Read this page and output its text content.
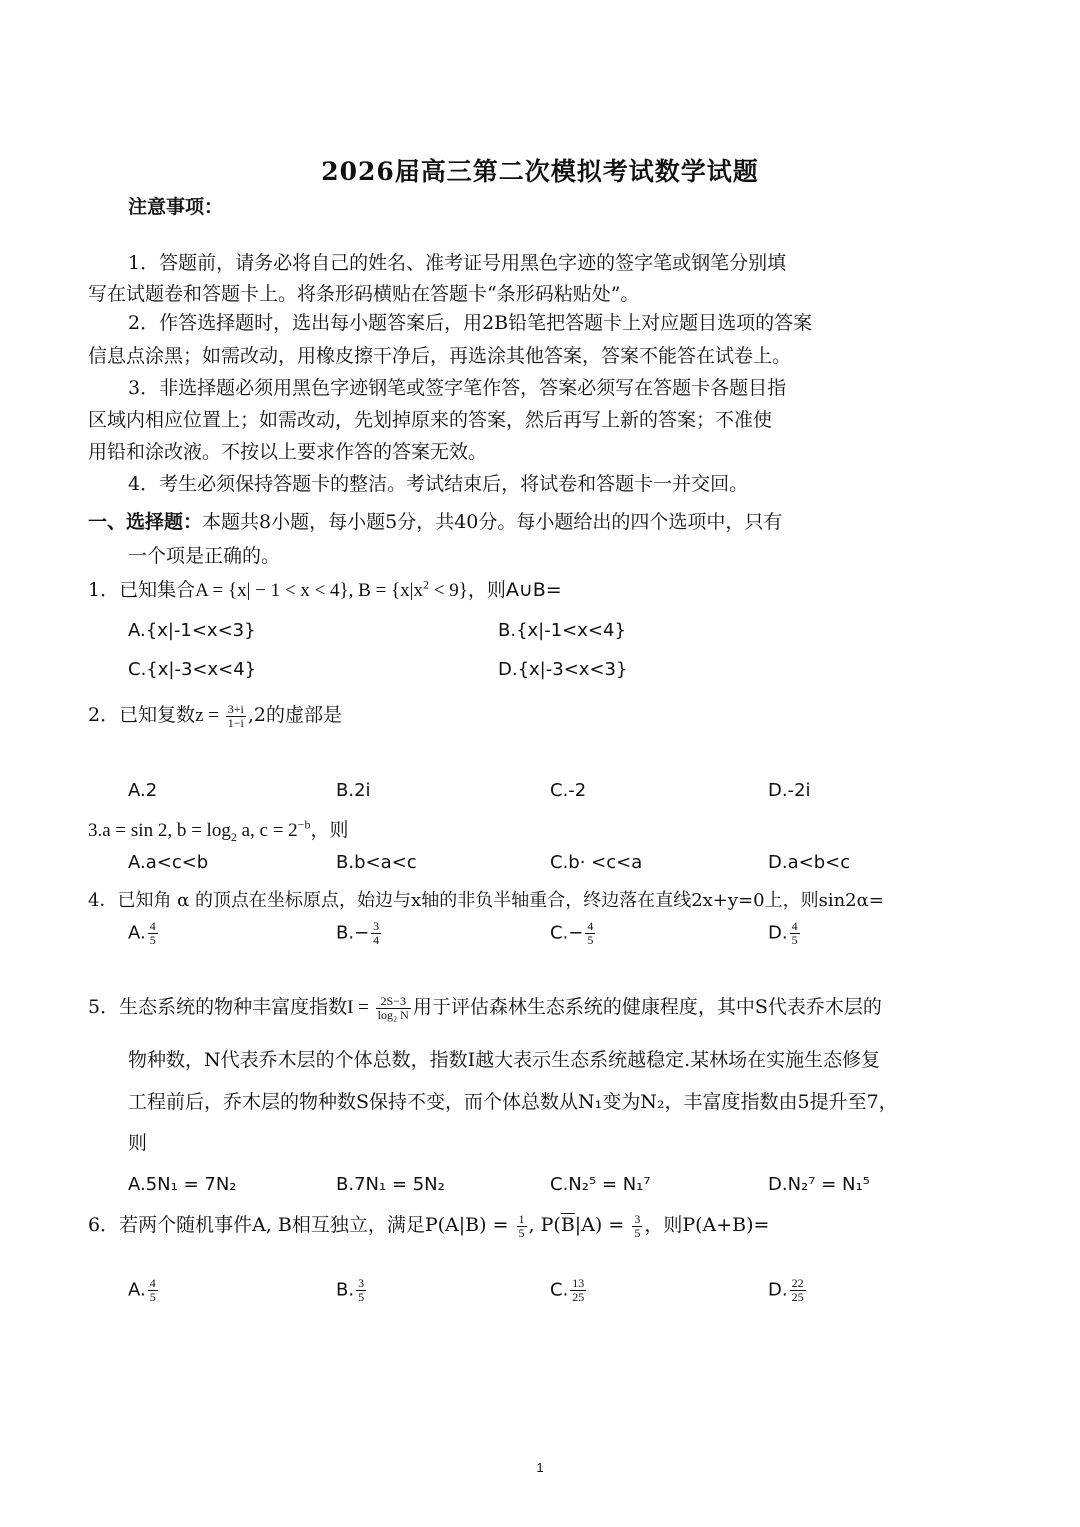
2026届高三第二次模拟考试数学试题
注意事项：
1．答题前，请务必将自己的姓名、准考证号用黑色字迹的签字笔或钢笔分别填
写在试题卷和答题卡上。将条形码横贴在答题卡“条形码粘贴处”。
2．作答选择题时，选出每小题答案后，用2B铅笔把答题卡上对应题目选项的答案
信息点涂黑；如需改动，用橡皮擦干净后，再选涂其他答案，答案不能答在试卷上。
3．非选择题必须用黑色字迹钢笔或签字笔作答，答案必须写在答题卡各题目指
区域内相应位置上；如需改动，先划掉原来的答案，然后再写上新的答案；不准使
用铅和涂改液。不按以上要求作答的答案无效。
4．考生必须保持答题卡的整洁。考试结束后，将试卷和答题卡一并交回。
一、选择题：本题共8小题，每小题5分，共40分。每小题给出的四个选项中，只有
一个项是正确的。
1．已知集合A = {x| − 1 < x < 4}, $B = \{x|x^2 < 9\}$，则A∪B=
A.{x|-1<x<3}	B.{x|-1<x<4}
C.{x|-3<x<4}	D.{x|-3<x<3}
2．已知复数$z = \frac{3+i}{1-i} ,2$的虚部是
A.2	B.2i	C.-2	D.-2i
3.a = sin 2, $b = \log_2 a$, $c = 2^{-b}$，则
A.a<c<b	B.b<a<c	C.b· <c<a	D.a<b<c
4．已知角 α 的顶点在坐标原点，始边与x轴的非负半轴重合，终边落在直线2x+y=0上，则sin2α=
A. $\frac{4}{5}$	$B.- \frac{3}{4}$	$C.- \frac{4}{5}$	D. $\frac{4}{5}$
5．生态系统的物种丰富度指数$I = \frac{2S-3}{\text{log₂ N}}$ 用于评估森林生态系统的健康程度，其中S代表乔木层的
物种数，N代表乔木层的个体总数，指数I越大表示生态系统越稳定.某林场在实施生态修复
工程前后，乔木层的物种数S保持不变，而个体总数从N₁变为N₂，丰富度指数由5提升至7，
则
A.5N₁ = 7N₂	B.7N₁ = 5N₂	C.N₂⁵ = N₁⁷	D.N₂⁷ = N₁⁵
6．若两个随机事件A, B相互独立，满足$P(A|B) = \frac{1}{5}$ , $P(\overline{B}|A) = \frac{3}{5}$ ，则P(A+B)=
A. $\frac{4}{5}$	B. $\frac{3}{5}$	C. $\frac{13}{25}$	D. $\frac{22}{25}$
1
